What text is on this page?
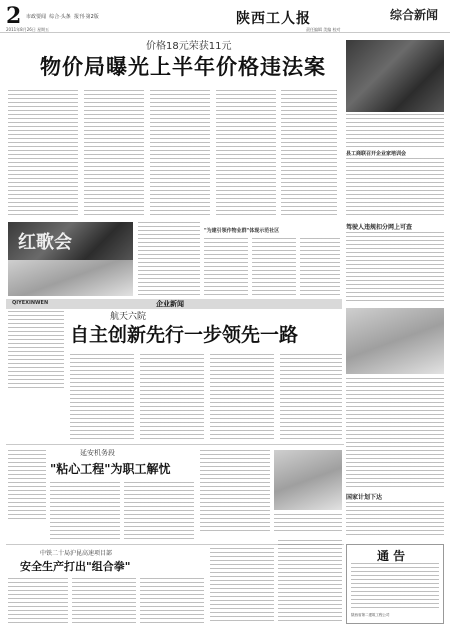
2 市政要闻 综合·头条 报刊·第2版	陕西工人报	综合新闻
2011年8月26日 星期五	责任编辑 美编 校对
价格18元荣获11元
物价局曝光上半年价格违法案
县工商联召开企业家培训会
红歌会
"为建引领作物业群"体现示范社区	驾驶人违规扣分网上可查
QIYEXINWEN	企业新闻
航天六院
自主创新先行一步领先一路
国家计划下达
通 告
陕西省第二建筑工程公司
延安机务段
"粘心工程"为职工解忧
中铁二十局沪昆高速项目部
安全生产打出"组合拳"
